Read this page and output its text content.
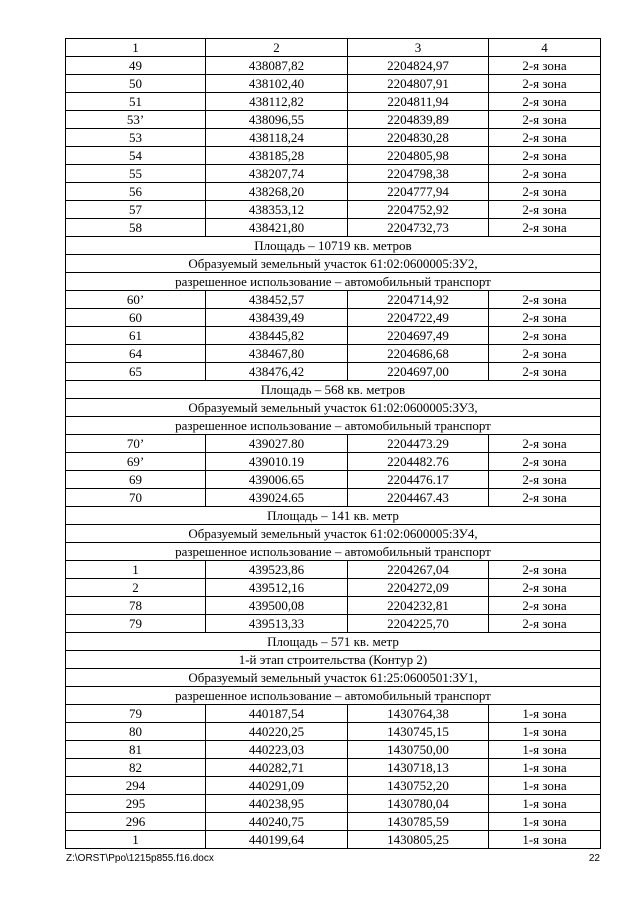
1	2	3	4
49	438087,82	2204824,97	2-я зона
50	438102,40	2204807,91	2-я зона
51	438112,82	2204811,94	2-я зона
53’	438096,55	2204839,89	2-я зона
53	438118,24	2204830,28	2-я зона
54	438185,28	2204805,98	2-я зона
55	438207,74	2204798,38	2-я зона
56	438268,20	2204777,94	2-я зона
57	438353,12	2204752,92	2-я зона
58	438421,80	2204732,73	2-я зона
Площадь – 10719 кв. метров			
Образуемый земельный участок 61:02:0600005:ЗУ2,			
разрешенное использование – автомобильный транспорт			
60’	438452,57	2204714,92	2-я зона
60	438439,49	2204722,49	2-я зона
61	438445,82	2204697,49	2-я зона
64	438467,80	2204686,68	2-я зона
65	438476,42	2204697,00	2-я зона
Площадь – 568 кв. метров			
Образуемый земельный участок 61:02:0600005:ЗУ3,			
разрешенное использование – автомобильный транспорт			
70’	439027.80	2204473.29	2-я зона
69’	439010.19	2204482.76	2-я зона
69	439006.65	2204476.17	2-я зона
70	439024.65	2204467.43	2-я зона
Площадь – 141 кв. метр			
Образуемый земельный участок 61:02:0600005:ЗУ4,			
разрешенное использование – автомобильный транспорт			
1	439523,86	2204267,04	2-я зона
2	439512,16	2204272,09	2-я зона
78	439500,08	2204232,81	2-я зона
79	439513,33	2204225,70	2-я зона
Площадь – 571 кв. метр			
1-й этап строительства (Контур 2)			
Образуемый земельный участок 61:25:0600501:ЗУ1,			
разрешенное использование – автомобильный транспорт			
79	440187,54	1430764,38	1-я зона
80	440220,25	1430745,15	1-я зона
81	440223,03	1430750,00	1-я зона
82	440282,71	1430718,13	1-я зона
294	440291,09	1430752,20	1-я зона
295	440238,95	1430780,04	1-я зона
296	440240,75	1430785,59	1-я зона
1	440199,64	1430805,25	1-я зона
Z:\ORST\Ppo\1215p855.f16.docx	22
